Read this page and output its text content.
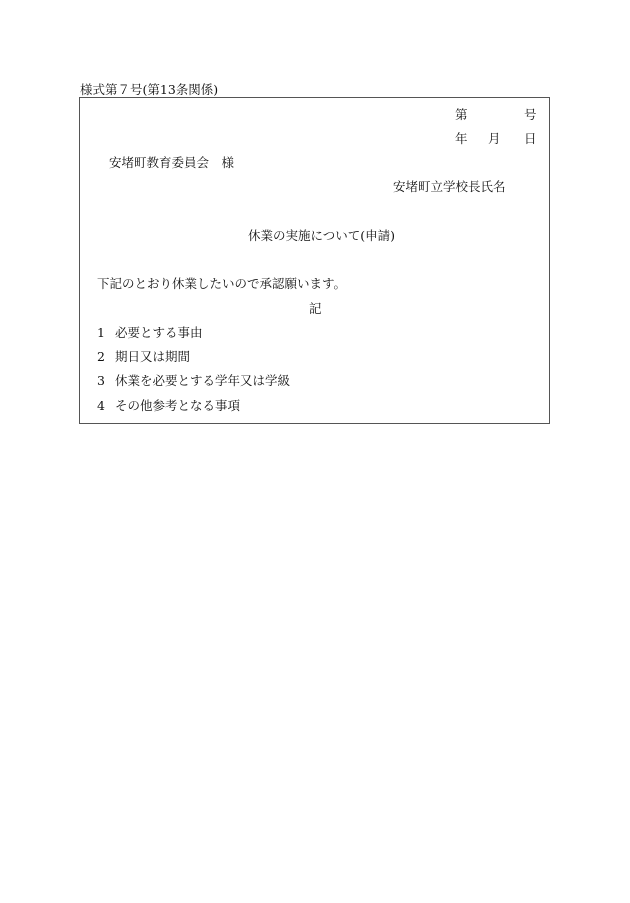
様式第７号(第13条関係)
第	号
年 月 日
安堵町教育委員会　様
安堵町立学校長氏名
休業の実施について(申請)
下記のとおり休業したいので承認願います。
記
1 必要とする事由
2 期日又は期間
3 休業を必要とする学年又は学級
4 その他参考となる事項
